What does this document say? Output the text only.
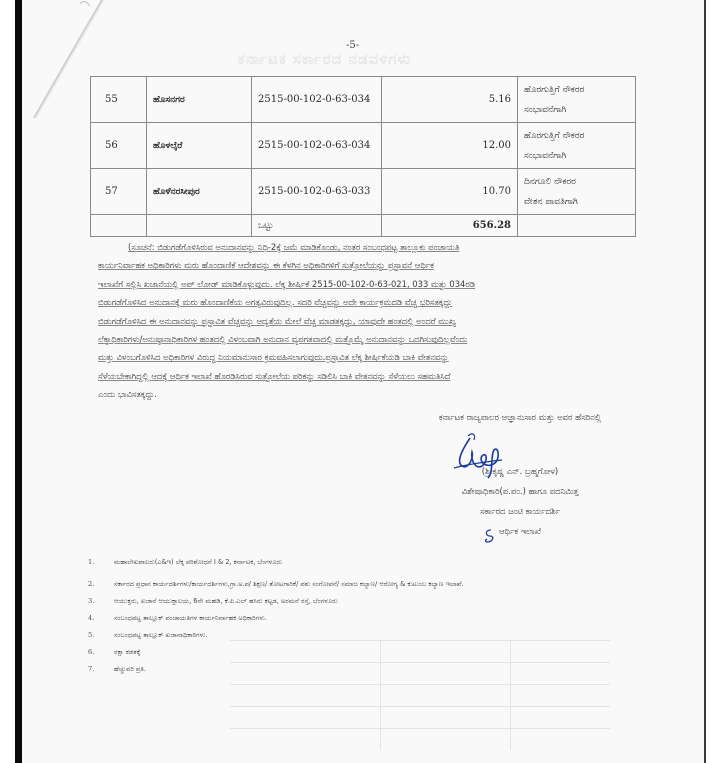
ಕರ್ನಾಟಕ ಸರ್ಕಾರದ ನಡವಳಿಗಳು
-5-
55	ಹೊಸನಗರ	2515-00-102-0-63-034	5.16	ಹೊರಗುತ್ತಿಗೆ ನೌಕರರ
ಸಂಭಾವನೆಗಾಗಿ

56	ಹೊಳಲ್ಕೆರೆ	2515-00-102-0-63-034	12.00	ಹೊರಗುತ್ತಿಗೆ ನೌಕರರ
ಸಂಭಾವನೆಗಾಗಿ

57	ಹೊಳೆನರಸೀಪುರ	2515-00-102-0-63-033	10.70	ದಿನಗೂಲಿ ನೌಕರರ
ವೇತನ ಪಾವತಿಗಾಗಿ

		ಒಟ್ಟು	656.28	
(ಸೂಚನೆ: ಬಿಡುಗಡೆಗೊಳಿಸಿರುವ ಅನುದಾನವನ್ನು ನಿಧಿ-2ಕ್ಕೆ ಜಮೆ ಮಾಡಿಕೊಂಡು, ನಂತರ ಸಂಬಂಧಪಟ್ಟ ತಾಲ್ಲೂಕು ಪಂಚಾಯತಿ
ಕಾರ್ಯನಿರ್ವಾಹಕ ಅಧಿಕಾರಿಗಳು ಮರು ಹೊಂದಾಣಿಕೆ ಆದೇಶವನ್ನು ಈ ಕೆಳಗಿನ ಅಧಿಕಾರಿಗಳಿಗೆ ಸುತ್ತೋಲೆಯನ್ನು ಪ್ರಸ್ತಾವನೆ ಆರ್ಥಿಕ
ಇಲಾಖೆಗೆ ಸಲ್ಲಿಸಿ ಖಜಾನೆಯಲ್ಲಿ ಅಪ್ ಲೋಡ್ ಮಾಡಿಕೊಳ್ಳುವುದು. ಲೆಕ್ಕ ಶೀರ್ಷಿಕೆ 2515-00-102-0-63-021, 033 ಮತ್ತು 034ರಡಿ
ಬಿಡುಗಡೆಗೊಳಿಸಿದ ಅನುದಾನಕ್ಕೆ ಮರು ಹೊಂದಾಣಿಕೆಯ ಅಗತ್ಯವಿರುವುದಿಲ್ಲ. ಸದರಿ ವೆಚ್ಚವನ್ನು ಅದೇ ಕಾರ್ಯಕ್ರಮದಡಿ ವೆಚ್ಚ ಭರಿಸತಕ್ಕದ್ದು
ಬಿಡುಗಡೆಗೊಳಿಸಿದ ಈ ಅನುದಾನವನ್ನು ಪ್ರಸ್ತಾವಿತ ವೆಚ್ಚವನ್ನು ಆದ್ಯತೆಯ ಮೇಲೆ ವೆಚ್ಚ ಮಾಡತಕ್ಕದ್ದು, ಯಾವುದೇ ಹಂತದಲ್ಲಿ ಅಂದರೆ ಮುಖ್ಯ
ಲೆಕ್ಕಾಧಿಕಾರಿಗಳು/ಅನುಷ್ಠಾನಾಧಿಕಾರಿಗಳ ಹಂತದಲ್ಲಿ ವಿಳಂಬವಾಗಿ ಅನುದಾನ ವ್ಯಪಗತವಾದಲ್ಲಿ ಮತ್ತೊಮ್ಮೆ ಅನುದಾನವನ್ನು ಒದಗಿಸುವುದಿಲ್ಲವೆಂದು
ಮತ್ತು ವಿಳಂಬಗೊಳಿಸಿದ ಅಧಿಕಾರಿಗಳ ವಿರುದ್ಧ ನಿಯಮಾನುಸಾರ ಕ್ರಮವಹಿಸಲಾಗುವುದು.ಪ್ರಸ್ತಾವಿತ ಲೆಕ್ಕ ಶೀರ್ಷಿಕೆಯಡಿ ಬಾಕಿ ವೇತನವನ್ನು
ಸೆಳೆಯಬೇಕಾಗಿದ್ದಲ್ಲಿ ಆದಕ್ಕೆ ಆರ್ಥಿಕ ಇಲಾಖೆ ಹೊರಡಿಸಿರುವ ಸುತ್ತೋಲೆಯ ಪರಿಕನ್ನು ಸಡಿಲಿಸಿ ಬಾಕಿ ವೇತನವನ್ನು ಸೆಳೆಯಲು ಸಹಮತಿಸಿದೆ
ಎಂದು ಭಾವಿಸತಕ್ಕದ್ದು.
ಕರ್ನಾಟಕ ರಾಜ್ಯಪಾಲರ ಆಜ್ಞಾನುಸಾರ ಮತ್ತು ಅವರ ಹೆಸರಿನಲ್ಲಿ
(ಶ್ರೀಕೃಷ್ಣ ಎನ್. ಬ್ರಹ್ಮಗೋಳ)
ವಿಶೇಷಾಧಿಕಾರಿ(ಪ.ಪಂ.) ಹಾಗೂ ಪದನಿಮಿತ್ತ
ಸರ್ಕಾರದ ಜಂಟಿ ಕಾರ್ಯದರ್ಶಿ
ಆರ್ಥಿಕ ಇಲಾಖೆ
1.	ಮಹಾಲೇಖಪಾಲರು(ಎ&ಇ) ಲೆಕ್ಕ ಪರಿಶೋಧನೆ I & 2, ಕರ್ನಾಟಕ, ಬೆಂಗಳೂರು
2.	ಸರ್ಕಾರದ ಪ್ರಧಾನ ಕಾರ್ಯದರ್ಶಿಗಳು/ಕಾರ್ಯದರ್ಶಿಗಳು,ಗ್ರಾ.ಅ.ಪ/ ಶಿಕ್ಷಣ/ ತೋಟಗಾರಿಕೆ/ ಪಶು ಸಂಗೋಪನೆ/ ಸಮಾಜ ಕಲ್ಯಾಣ/ ಆರೋಗ್ಯ & ಕುಟುಂಬ ಕಲ್ಯಾಣ ಇಲಾಖೆ.
3.	ಆಯುಕ್ತರು, ಖಜಾನೆ ಆಯುಕ್ತಾಲಯ, 6ನೇ ಮಹಡಿ, ಕೆ.ಪಿ.ಎಲ್ ಹಸಿರು ಕಟ್ಟಡ, ಅರಮನೆ ರಸ್ತೆ, ಬೆಂಗಳೂರು
4.	ಸಂಬಂಧಪಟ್ಟ ತಾಲ್ಲೂಕ್ ಪಂಚಾಯತಿಗಳ ಕಾರ್ಯನಿರ್ವಾಹಕ ಅಧಿಕಾರಿಗಳು.
5.	ಸಂಬಂಧಪಟ್ಟ ತಾಲ್ಲೂಕ್ ಖಜಾನಾಧಿಕಾರಿಗಳು.
6.	ರಕ್ಷಾ ಕಡತಕ್ಕೆ
7.	ಹೆಚ್ಚುವರಿ ಪ್ರತಿ.
